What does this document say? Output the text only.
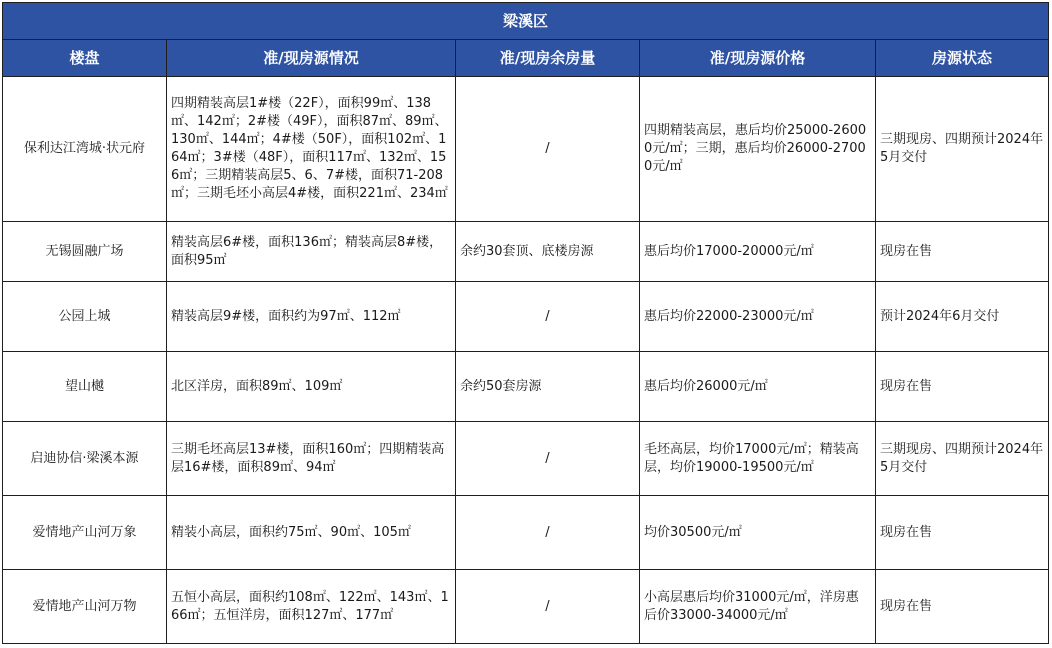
梁溪区				
楼盘	准/现房源情况	准/现房余房量	准/现房源价格	房源状态
保利达江湾城·状元府	四期精装高层1#楼（22F），面积99㎡、138㎡、142㎡；2#楼（49F），面积87㎡、89㎡、130㎡、144㎡；4#楼（50F），面积102㎡、164㎡；3#楼（48F），面积117㎡、132㎡、156㎡；三期精装高层5、6、7#楼，面积71-208㎡；三期毛坯小高层4#楼，面积221㎡、234㎡	/	四期精装高层，惠后均价25000-26000元/㎡；三期，惠后均价26000-27000元/㎡	三期现房、四期预计2024年5月交付
无锡圆融广场	精装高层6#楼，面积136㎡；精装高层8#楼，面积95㎡	余约30套顶、底楼房源	惠后均价17000-20000元/㎡	现房在售
公园上城	精装高层9#楼，面积约为97㎡、112㎡	/	惠后均价22000-23000元/㎡	预计2024年6月交付
望山樾	北区洋房，面积89㎡、109㎡	余约50套房源	惠后均价26000元/㎡	现房在售
启迪协信·梁溪本源	三期毛坯高层13#楼，面积160㎡；四期精装高层16#楼，面积89㎡、94㎡	/	毛坯高层，均价17000元/㎡；精装高层，均价19000-19500元/㎡	三期现房、四期预计2024年5月交付
爱情地产山河万象	精装小高层，面积约75㎡、90㎡、105㎡	/	均价30500元/㎡	现房在售
爱情地产山河万物	五恒小高层，面积约108㎡、122㎡、143㎡、166㎡；五恒洋房，面积127㎡、177㎡	/	小高层惠后均价31000元/㎡，洋房惠后价33000-34000元/㎡	现房在售
